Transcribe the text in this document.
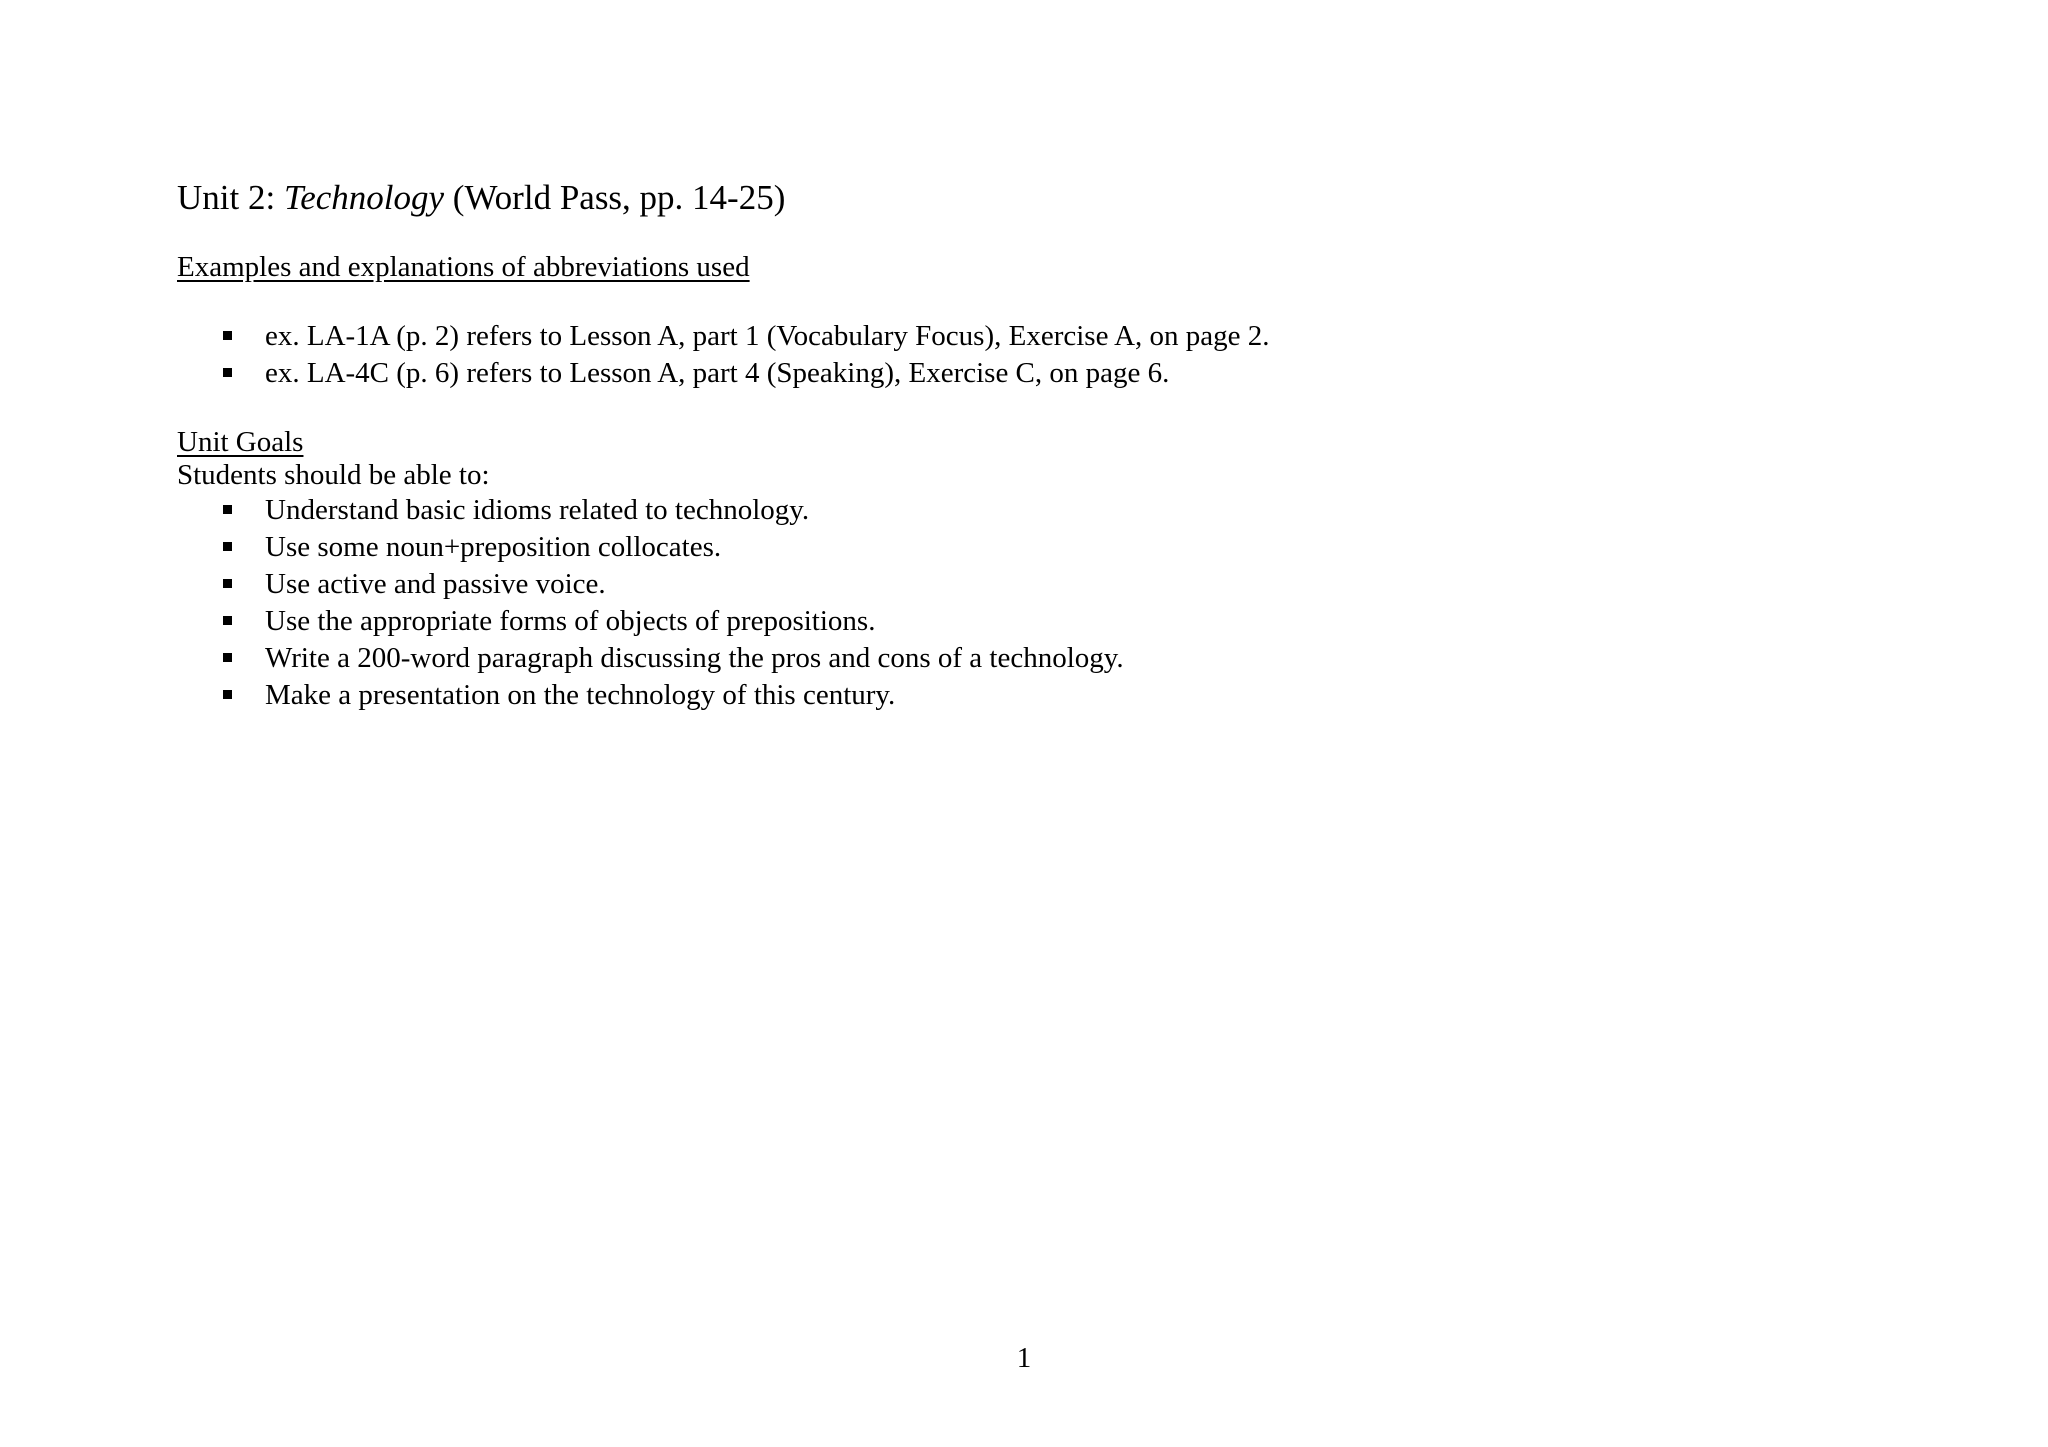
Unit 2: Technology (World Pass, pp. 14-25)
Examples and explanations of abbreviations used
ex. LA-1A (p. 2) refers to Lesson A, part 1 (Vocabulary Focus), Exercise A, on page 2.
ex. LA-4C (p. 6) refers to Lesson A, part 4 (Speaking), Exercise C, on page 6.
Unit Goals
Students should be able to:
Understand basic idioms related to technology.
Use some noun+preposition collocates.
Use active and passive voice.
Use the appropriate forms of objects of prepositions.
Write a 200-word paragraph discussing the pros and cons of a technology.
Make a presentation on the technology of this century.
1
